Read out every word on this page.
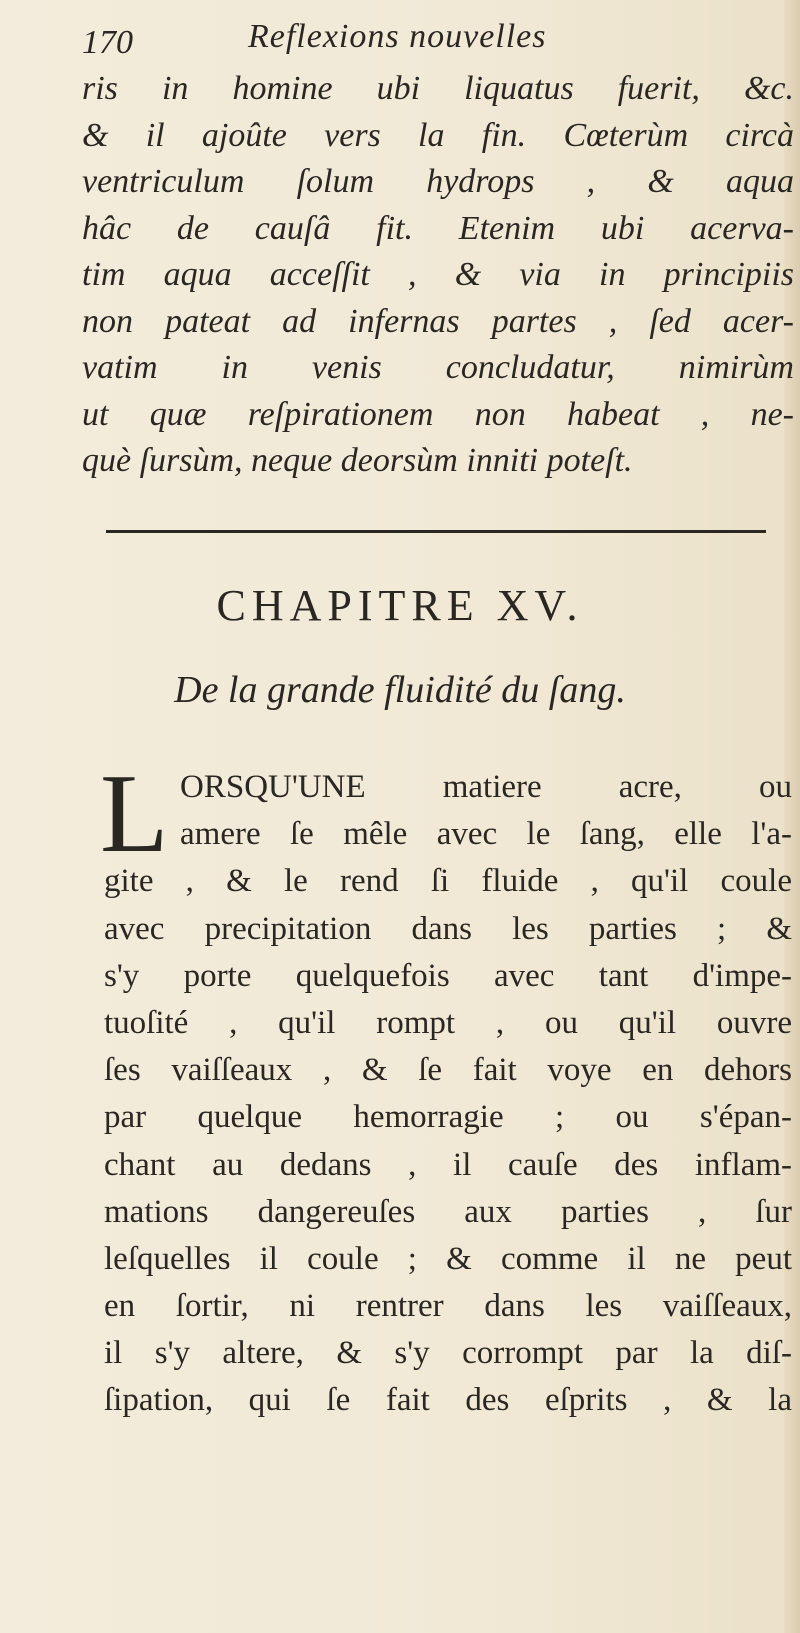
170	Reflexions nouvelles
ris in homine ubi liquatus fuerit, &c.
& il ajoûte vers la fin. Cœterùm circà
ventriculum ſolum hydrops , & aqua
hâc de cauſâ fit. Etenim ubi acerva-
tim aqua acceſſit , & via in principiis
non pateat ad infernas partes , ſed acer-
vatim in venis concludatur, nimirùm
ut quæ reſpirationem non habeat , ne-
què ſursùm, neque deorsùm inniti poteſt.
CHAPITRE XV.
De la grande fluidité du ſang.
L ORSQU'UNE matiere acre, ou
amere ſe mêle avec le ſang, elle l'a-
gite , & le rend ſi fluide , qu'il coule
avec precipitation dans les parties ; &
s'y porte quelquefois avec tant d'impe-
tuoſité , qu'il rompt , ou qu'il ouvre
ſes vaiſſeaux , & ſe fait voye en dehors
par quelque hemorragie ; ou s'épan-
chant au dedans , il cauſe des inflam-
mations dangereuſes aux parties , ſur
leſquelles il coule ; & comme il ne peut
en ſortir, ni rentrer dans les vaiſſeaux,
il s'y altere, & s'y corrompt par la diſ-
ſipation, qui ſe fait des eſprits , & la
